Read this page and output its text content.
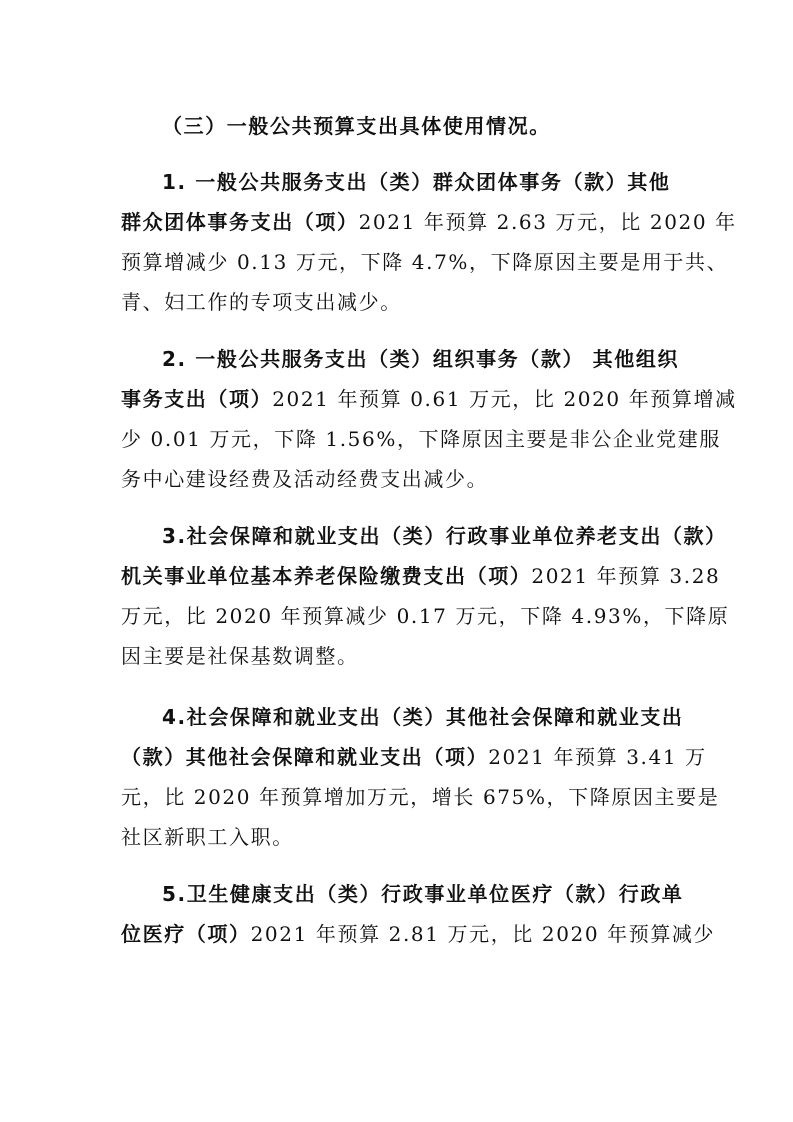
（三）一般公共预算支出具体使用情况。
1. 一般公共服务支出（类）群众团体事务（款）其他
群众团体事务支出（项）2021 年预算 2.63 万元，比 2020 年
预算增减少 0.13 万元，下降 4.7%，下降原因主要是用于共、
青、妇工作的专项支出减少。
2. 一般公共服务支出（类）组织事务（款） 其他组织
事务支出（项）2021 年预算 0.61 万元，比 2020 年预算增减
少 0.01 万元，下降 1.56%，下降原因主要是非公企业党建服
务中心建设经费及活动经费支出减少。
3.社会保障和就业支出（类）行政事业单位养老支出（款）
机关事业单位基本养老保险缴费支出（项）2021 年预算 3.28
万元，比 2020 年预算减少 0.17 万元，下降 4.93%，下降原
因主要是社保基数调整。
4.社会保障和就业支出（类）其他社会保障和就业支出
（款）其他社会保障和就业支出（项）2021 年预算 3.41 万
元，比 2020 年预算增加万元，增长 675%，下降原因主要是
社区新职工入职。
5.卫生健康支出（类）行政事业单位医疗（款）行政单
位医疗（项）2021 年预算 2.81 万元，比 2020 年预算减少
